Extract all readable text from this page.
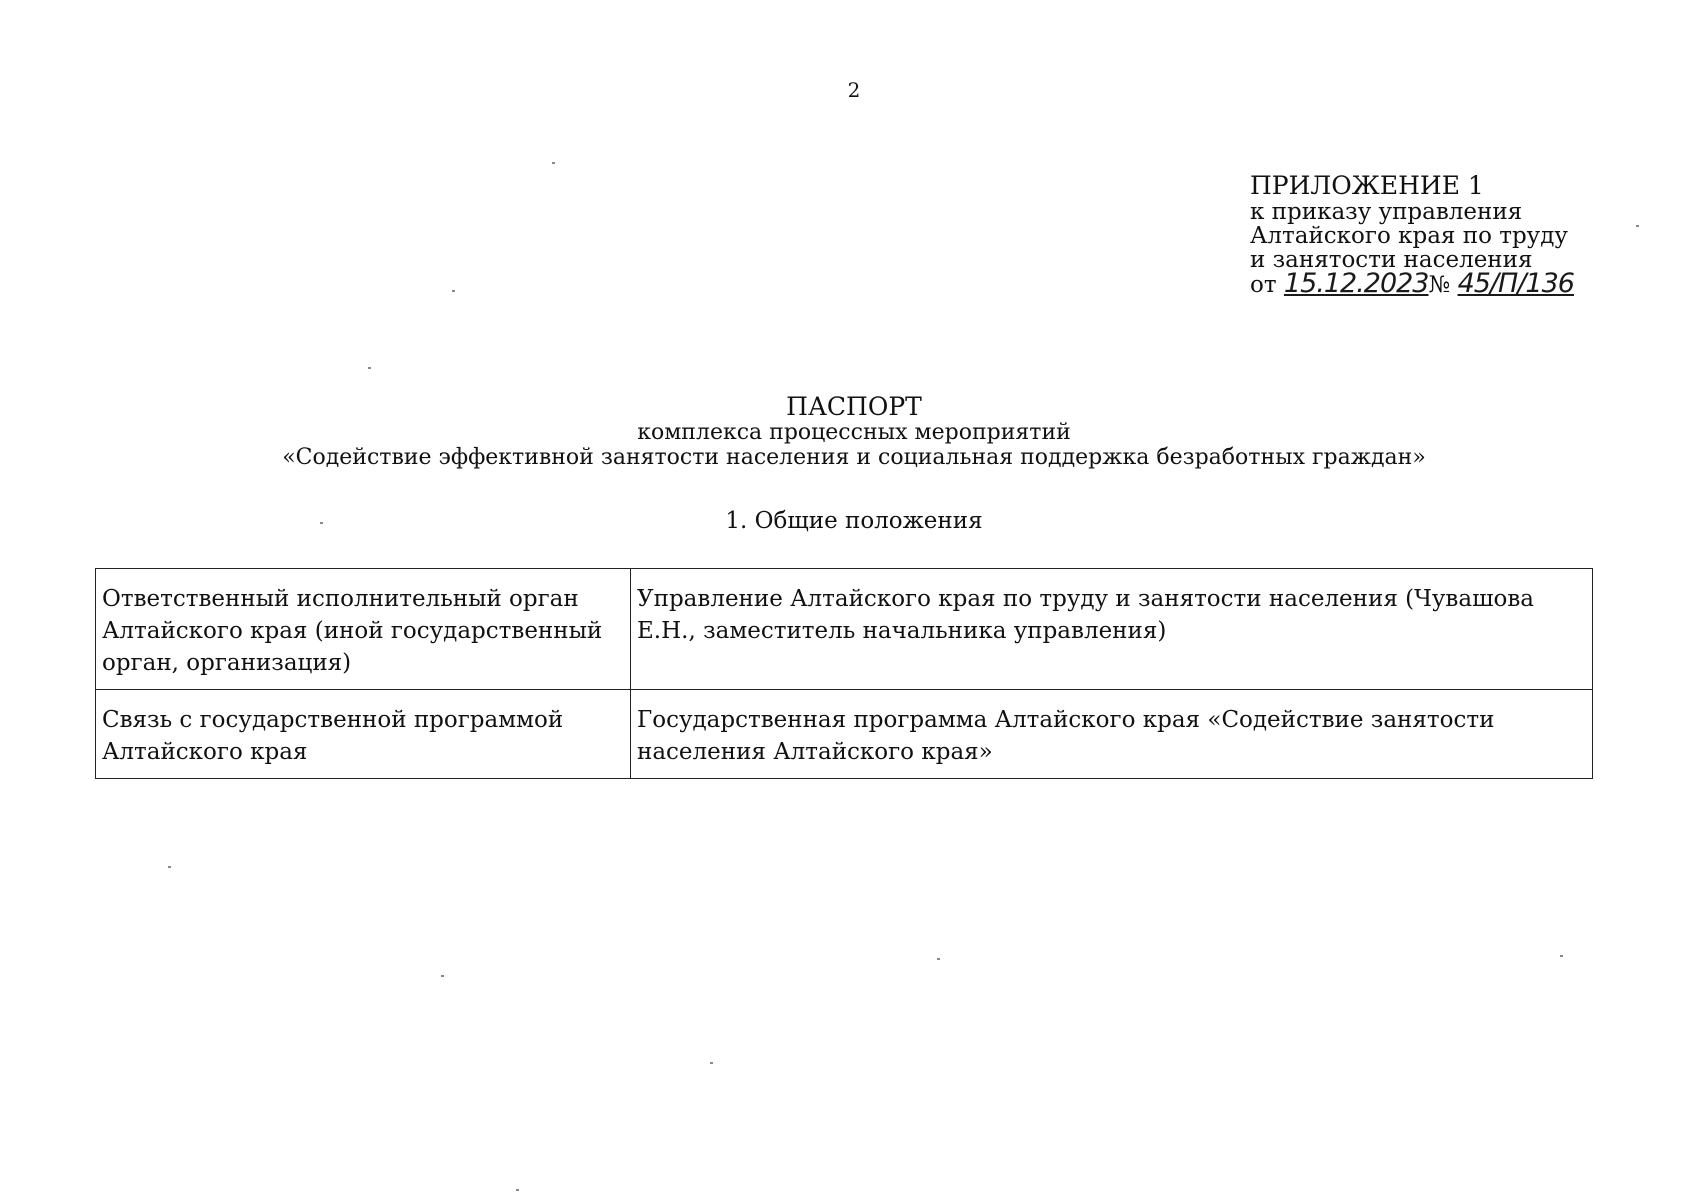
2
ПРИЛОЖЕНИЕ 1
к приказу управления
Алтайского края по труду
и занятости населения
от 15.12.2023№ 45/П/136
ПАСПОРТ
комплекса процессных мероприятий
«Содействие эффективной занятости населения и социальная поддержка безработных граждан»
1. Общие положения
Ответственный исполнительный орган Алтайского края (иной государственный орган, организация)	Управление Алтайского края по труду и занятости населения (Чувашова Е.Н., заместитель начальника управления)
Связь с государственной программой Алтайского края	Государственная программа Алтайского края «Содействие занятости населения Алтайского края»
